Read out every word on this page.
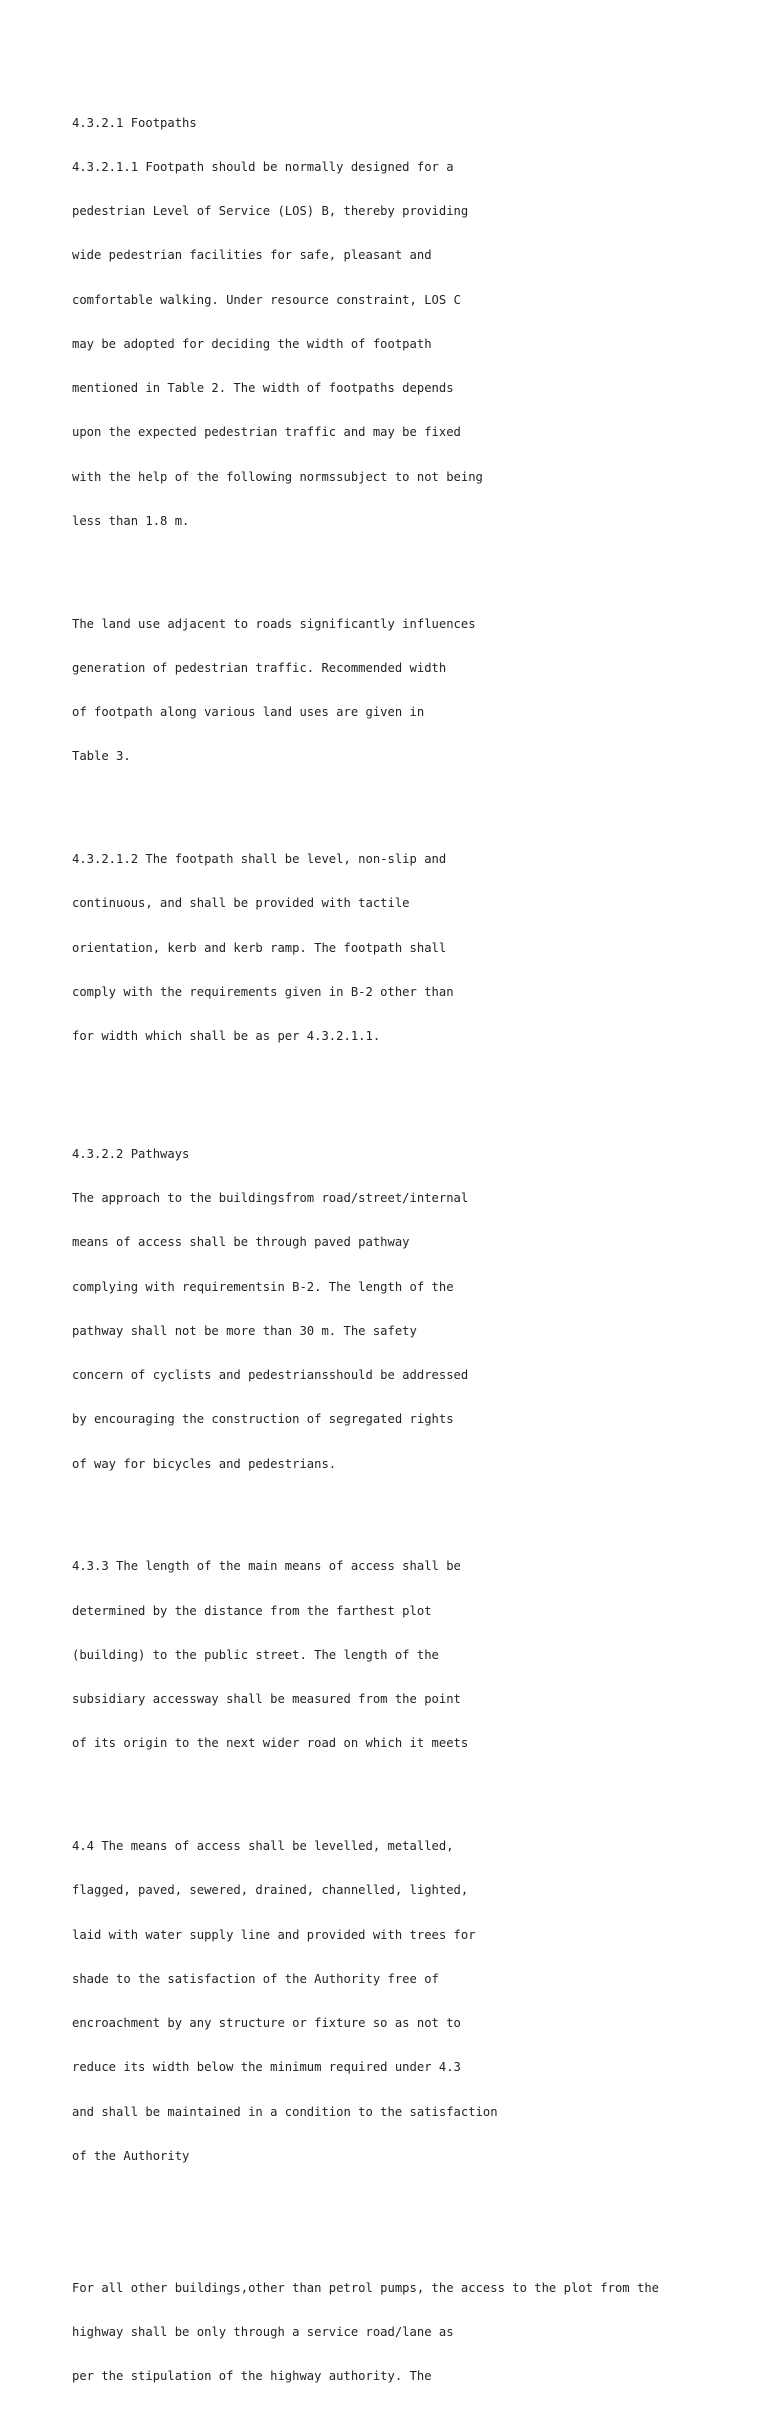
4.3.2.1 Footpaths

4.3.2.1.1 Footpath should be normally designed for a

pedestrian Level of Service (LOS) B, thereby providing

wide pedestrian facilities for safe, pleasant and

comfortable walking. Under resource constraint, LOS C

may be adopted for deciding the width of footpath

mentioned in Table 2. The width of footpaths depends

upon the expected pedestrian traffic and may be fixed

with the help of the following normssubject to not being

less than 1.8 m.

The land use adjacent to roads significantly influences

generation of pedestrian traffic. Recommended width

of footpath along various land uses are given in

Table 3.

4.3.2.1.2 The footpath shall be level, non-slip and

continuous, and shall be provided with tactile

orientation, kerb and kerb ramp. The footpath shall

comply with the requirements given in B-2 other than

for width which shall be as per 4.3.2.1.1.

4.3.2.2 Pathways

The approach to the buildingsfrom road/street/internal

means of access shall be through paved pathway

complying with requirementsin B-2. The length of the

pathway shall not be more than 30 m. The safety

concern of cyclists and pedestriansshould be addressed

by encouraging the construction of segregated rights

of way for bicycles and pedestrians.

4.3.3 The length of the main means of access shall be

determined by the distance from the farthest plot

(building) to the public street. The length of the

subsidiary accessway shall be measured from the point

of its origin to the next wider road on which it meets

4.4 The means of access shall be levelled, metalled,

flagged, paved, sewered, drained, channelled, lighted,

laid with water supply line and provided with trees for

shade to the satisfaction of the Authority free of

encroachment by any structure or fixture so as not to

reduce its width below the minimum required under 4.3

and shall be maintained in a condition to the satisfaction

of the Authority

For all other buildings,other than petrol pumps, the access to the plot from the

highway shall be only through a service road/lane as

per the stipulation of the highway authority. The
